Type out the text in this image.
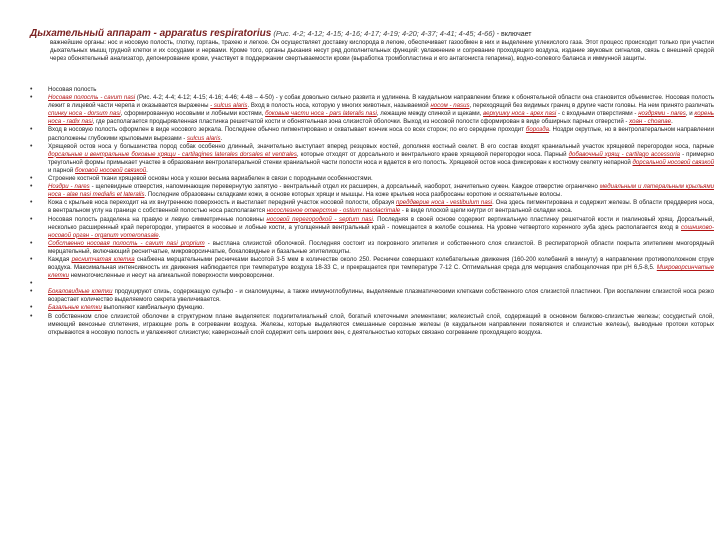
Дыхательный аппарат - apparatus respiratorius (Рис. 4-2; 4-12; 4-15; 4-16; 4-17; 4-19; 4-20; 4-37; 4-41; 4-45; 4-66) - включает
важнейшие органы: нос и носовую полость, глотку, гортань, трахею и легкое. Он осуществляет доставку кислорода в легкие, обеспечивает газообмен в них и выделение углекислого газа. Этот процесс происходит только при участии дыхательных мышц грудной клетки и их сосудами и нервами. Кроме того, органы дыхания несут ряд дополнительных функций: увлажнение и согревание проходящего воздуха, издание звуковых сигналов, связь с внешней средой через обонятельный анализатор, депонирование крови, участвует в поддержании свертываемости крови (выработка тромбопластина и его антагониста гепарина), водно-солевого баланса и иммунной защиты.
•	Носовая полость
•	Носовая полость - cavum nasi (Рис. 4-2; 4-4; 4-12; 4-15; 4-16; 4-46; 4-48 – 4-50) - у собак довольно сильно развита и удлинена. В каудальном направлении ближе к обонятельной области она становится объемистее. Носовая полость лежит в лицевой части черепа и оказывается выражены - sulcus alaris. Вход в полость носа, которую у многих животных, называемой носом - nasus, переходящий без видимых границ в другие части головы. На нем принято различать спинку носа - dorsum nasi, сформированную носовыми и лобными костями, боковые части носа - pars lateralis nasi, лежащие между спинкой и щеками, верхушку носа - apex nasi - с входными отверстиями - ноздрями - nares, и корень носа - radix nasi, где располагается продырявленная пластинка решетчатой кости и обонятельная зона слизистой оболочки. Выход из носовой полости сформирован в виде обширных парных отверстий - хоан - choanae.
•	Вход в носовую полость оформлен в виде носового зеркала. Последнее обычно пигментировано и охватывает кончик носа со всех сторон; по его середине проходит борозда. Ноздри округлые, но в вентролатеральном направлении расположены глубокими крыловыми вырезами - sulcus alaris.
•	Хрящевой остов носа у большинства пород собак особенно длинный, значительно выступает вперед резцовых костей, дополняя костный скелет. В его состав входят краниальный участок хрящевой перегородки носа, парные дорсальные и вентральные боковые хрящи - cartilagines laterales dorsales et ventrales, которые отходят от дорсального и вентрального краев хрящевой перегородки носа. Парный добавочный хрящ - cartilago accessoria - примерно треугольной формы примыкает участке в образовании вентролатеральной стенки краниальной части полости носа и вдается в его полость. Хрящевой остов носа фиксирован к костному скелету непарной дорсальной носовой связкой и парной боковой носовой связкой.
•	Строение костной ткани хрящевой основы носа у кошки весьма вариабелен в связи с породными особенностями.
•	Ноздри - nares - щелевидные отверстия, напоминающие перевернутую запятую - вентральный отдел их расширен, а дорсальный, наоборот, значительно сужен. Каждое отверстие ограничено медиальным и латеральным крыльями носа - alae nasi medialis et lateralis. Последние образованы складками кожи, в основе которых хрящи и мышцы. На коже крыльев носа разбросаны короткие и осязательные волосы.
•	Кожа с крыльев носа переходит на их внутреннюю поверхность и выстилает передний участок носовой полости, образуя преддверие носа - vestibulum nasi. Она здесь пигментирована и содержит железы. В области преддверия носа, в вентральном углу на границе с собственной полостью носа располагается носослезное отверстие - ostium nasolacrimale - в виде плоской щели кнутри от вентральной складки носа.
•	Носовая полость разделена на правую и левую симметричные половины носовой перегородкой - septum nasi. Последняя в своей основе содержит вертикальную пластинку решетчатой кости и гиалиновый хрящ. Дорсальный, несколько расширенный край перегородки, упирается в носовые и лобные кости, а утолщенный вентральный край - помещается в желобе сошника. На уровне четвертого коренного зуба здесь располагается вход в сошниково-носовой орган - organum vomeronasale.
•	Собственно носовая полость - cavum nasi proprium - выстлана слизистой оболочкой. Последняя состоит из покровного эпителия и собственного слоя слизистой. В респираторной области покрыта эпителием многорядный мерцательный, включающий реснитчатые, микроворсинчатые, бокаловидные и базальные эпителиоциты.
•	Каждая реснитчатая клетка снабжена мерцательными ресничками высотой 3-5 мкм в количестве около 250. Реснички совершают колебательные движения (160-200 колебаний в минуту) в направлении противоположном струе воздуха. Максимальная интенсивность их движения наблюдается при температуре воздуха 18-33 С, и прекращается при температуре 7-12 С. Оптимальная среда для мерцания слабощелочная при рН 6,5-8,5. Микроворсинчатые клетки немногочисленные и несут на апикальной поверхности микроворсинки.
•
•	Бокаловидные клетки продуцируют слизь, содержащую сульфо - и сиаломуцины, а также иммуноглобулины, выделяемые плазматическими клетками собственного слоя слизистой пластинки. При воспалении слизистой носа резко возрастает количество выделяемого секрета увеличивается.
•	Базальные клетки выполняют камбиальную функцию.
•	В собственном слое слизистой оболочки в структурном плане выделяется: подэпителиальный слой, богатый клеточными элементами; железистый слой, содержащий в основном белково-слизистые железы; сосудистый слой, имеющий венозные сплетения, играющие роль в согревании воздуха. Железы, которые выделяются смешанные серозные железы (в каудальном направлении появляются и слизистые железы), выводные протоки которых открываются в носовую полость и увлажняют слизистую; кавернозный слой содержит сеть широких вен, с деятельностью которых связано согревание проходящего воздуха.
